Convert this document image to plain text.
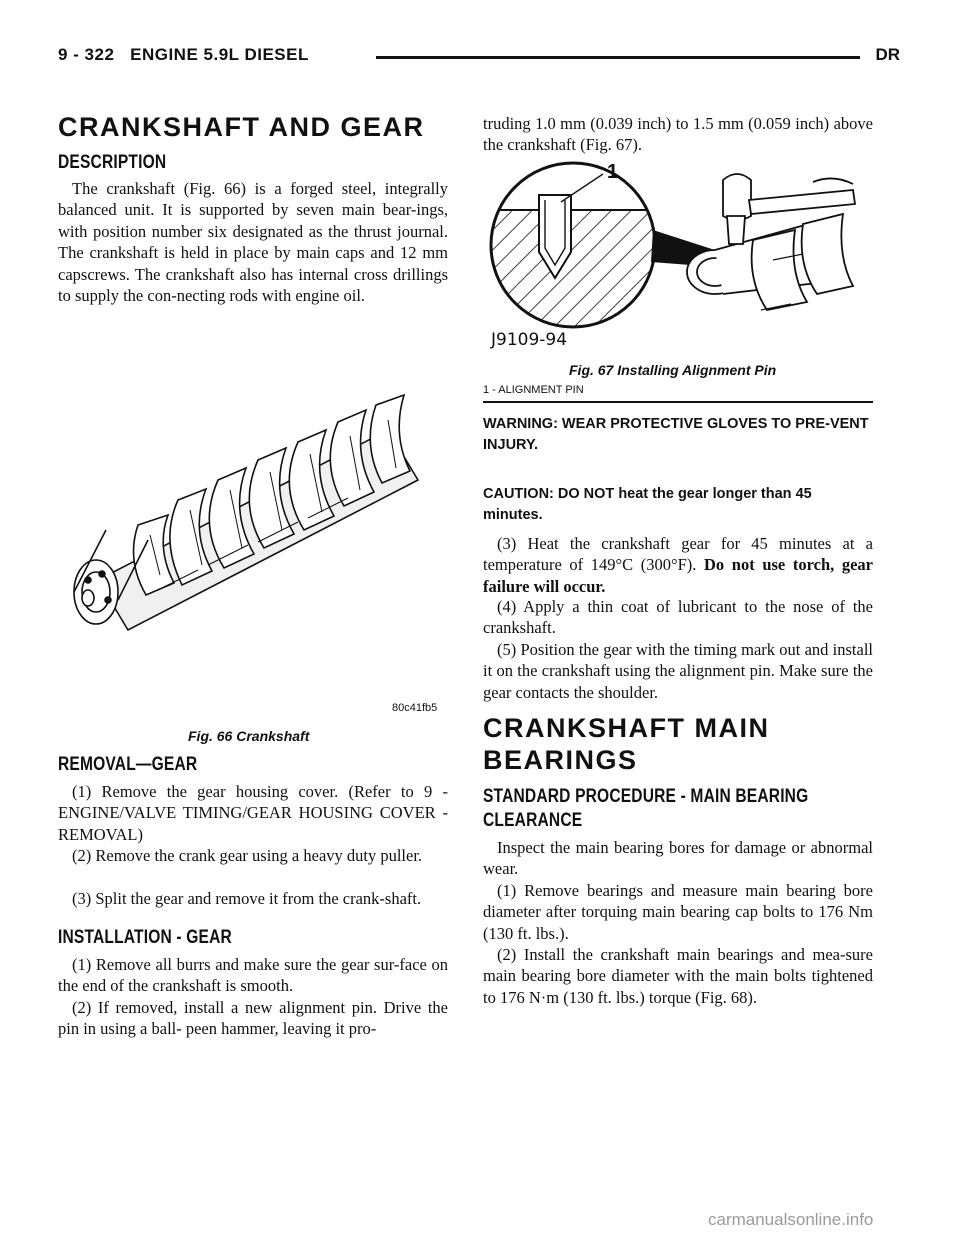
9 - 322 ENGINE 5.9L DIESEL	DR
CRANKSHAFT AND GEAR
DESCRIPTION

The crankshaft (Fig. 66) is a forged steel, integrally balanced unit. It is supported by seven main bear-ings, with position number six designated as the thrust journal. The crankshaft is held in place by main caps and 12 mm capscrews. The crankshaft also has internal cross drillings to supply the con-necting rods with engine oil.

80c41fb5
Fig. 66 Crankshaft
REMOVAL—GEAR

(1) Remove the gear housing cover. (Refer to 9 - ENGINE/VALVE TIMING/GEAR HOUSING COVER - REMOVAL)

(2) Remove the crank gear using a heavy duty puller.

(3) Split the gear and remove it from the crank-shaft.

INSTALLATION - GEAR

(1) Remove all burrs and make sure the gear sur-face on the end of the crankshaft is smooth.

(2) If removed, install a new alignment pin. Drive the pin in using a ball- peen hammer, leaving it pro-

truding 1.0 mm (0.039 inch) to 1.5 mm (0.059 inch) above the crankshaft (Fig. 67).

1
J9109-94
Fig. 67 Installing Alignment Pin
1 - ALIGNMENT PIN

WARNING: WEAR PROTECTIVE GLOVES TO PRE-VENT INJURY.

CAUTION: DO NOT heat the gear longer than 45 minutes.

(3) Heat the crankshaft gear for 45 minutes at a temperature of 149°C (300°F). Do not use torch, gear failure will occur.

(4) Apply a thin coat of lubricant to the nose of the crankshaft.

(5) Position the gear with the timing mark out and install it on the crankshaft using the alignment pin. Make sure the gear contacts the shoulder.

CRANKSHAFT MAIN
BEARINGS
STANDARD PROCEDURE - MAIN BEARING
CLEARANCE

Inspect the main bearing bores for damage or abnormal wear.

(1) Remove bearings and measure main bearing bore diameter after torquing main bearing cap bolts to 176 Nm (130 ft. lbs.).

(2) Install the crankshaft main bearings and mea-sure main bearing bore diameter with the main bolts tightened to 176 N·m (130 ft. lbs.) torque (Fig. 68).

carmanualsonline.info
